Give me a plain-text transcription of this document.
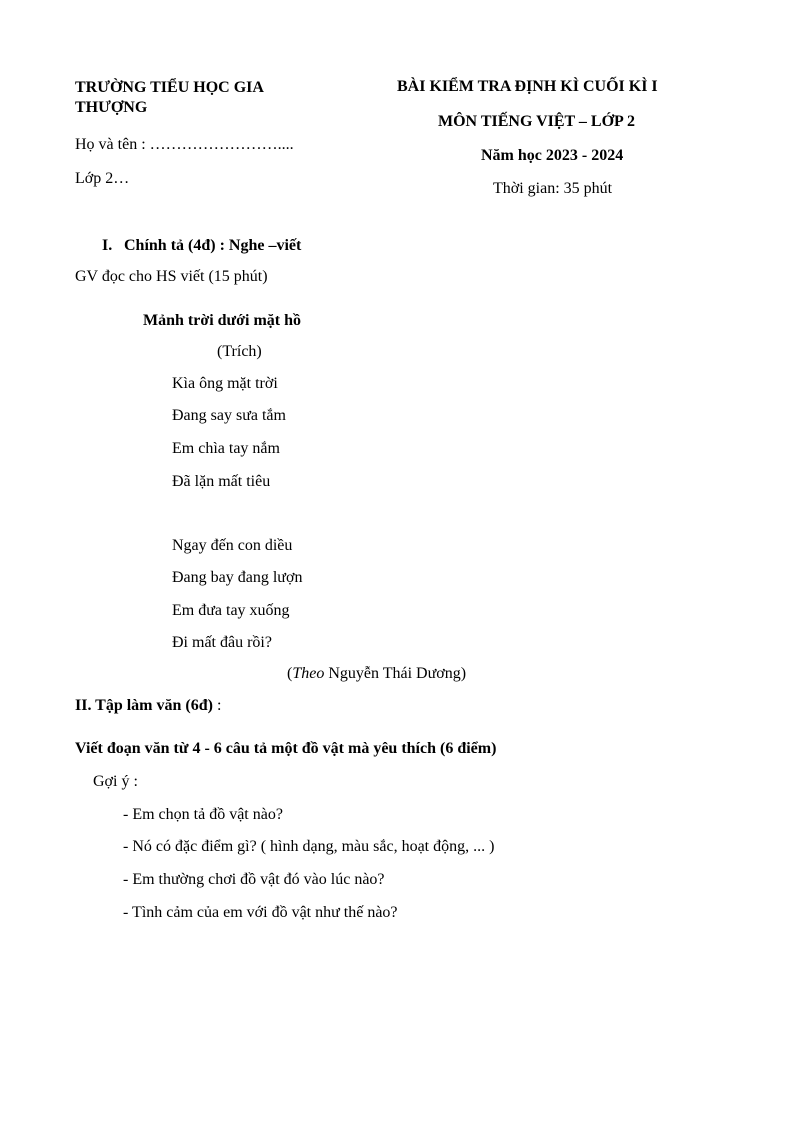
TRƯỜNG TIỂU HỌC GIA THƯỢNG
Họ và tên : ……………………....
Lớp 2…
BÀI KIỂM TRA ĐỊNH KÌ CUỐI KÌ I
MÔN TIẾNG VIỆT – LỚP 2
Năm học 2023 - 2024
Thời gian: 35 phút
I. Chính tả (4đ) : Nghe –viết
GV đọc cho HS viết (15 phút)
Mảnh trời dưới mặt hồ
(Trích)
Kìa ông mặt trời
Đang say sưa tắm
Em chìa tay nắm
Đã lặn mất tiêu
Ngay đến con diều
Đang bay đang lượn
Em đưa tay xuống
Đi mất đâu rồi?
(Theo Nguyễn Thái Dương)
II. Tập làm văn (6đ) :
Viết đoạn văn từ 4 - 6 câu tả một đồ vật mà yêu thích (6 điểm)
Gợi ý :
- Em chọn tả đồ vật nào?
- Nó có đặc điểm gì? ( hình dạng, màu sắc, hoạt động, ... )
- Em thường chơi đồ vật đó vào lúc nào?
- Tình cảm của em với đồ vật như thế nào?
